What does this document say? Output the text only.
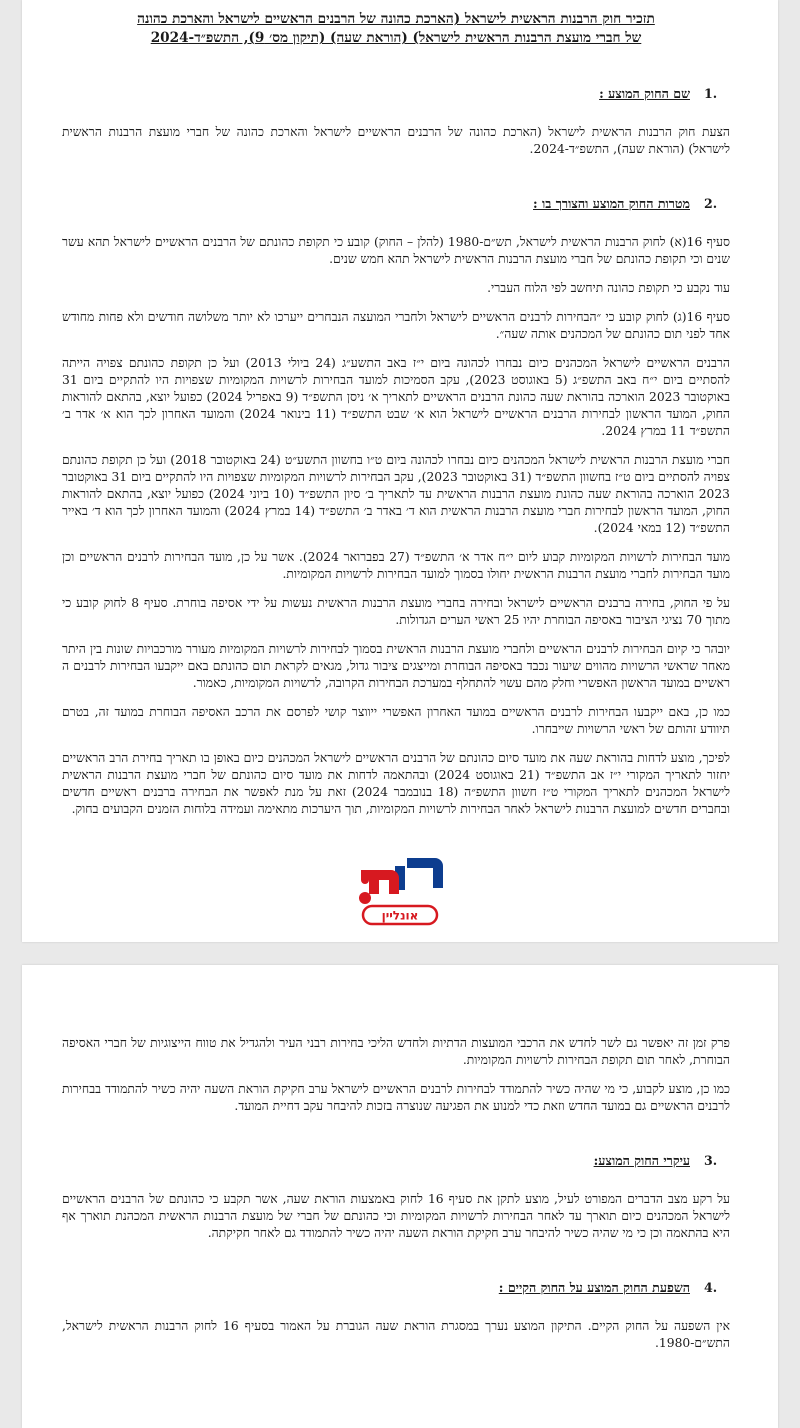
תזכיר חוק הרבנות הראשית לישראל (הארכת כהונה של הרבנים הראשיים לישראל והארכת כהונה
של חברי מועצת הרבנות הראשית לישראל) (הוראת שעה) (תיקון מס׳ 9), התשפ״ד-2024
.1
שם החוק המוצע :

הצעת חוק הרבנות הראשית לישראל (הארכת כהונה של הרבנים הראשיים לישראל והארכת כהונה של חברי מועצת הרבנות הראשית לישראל) (הוראת שעה), התשפ״ד-2024.

.2
מטרות החוק המוצע והצורך בו :

סעיף 16(א) לחוק הרבנות הראשית לישראל, תש״ם-1980 (להלן – החוק) קובע כי תקופת כהונתם של הרבנים הראשיים לישראל תהא עשר שנים וכי תקופת כהונתם של חברי מועצת הרבנות הראשית לישראל תהא חמש שנים.

עוד נקבע כי תקופת כהונה תיחשב לפי הלוח העברי.

סעיף 16(ג) לחוק קובע כי ״הבחירות לרבנים הראשיים לישראל ולחברי המועצה הנבחרים ייערכו לא יותר משלושה חודשים ולא פחות מחודש אחד לפני תום כהונתם של המכהנים אותה שעה״.

הרבנים הראשיים לישראל המכהנים כיום נבחרו לכהונה ביום י״ז באב התשע״ג (24 ביולי 2013) ועל כן תקופת כהונתם צפויה הייתה להסתיים ביום י״ח באב התשפ״ג (5 באוגוסט 2023), עקב הסמיכות למועד הבחירות לרשויות המקומיות שצפויות היו להתקיים ביום 31 באוקטובר 2023 הוארכה בהוראת שעה כהונת הרבנים הראשיים לתאריך א׳ ניסן התשפ״ד (9 באפריל 2024) כפועל יוצא, בהתאם להוראות החוק, המועד הראשון לבחירות הרבנים הראשיים לישראל הוא א׳ שבט התשפ״ד (11 בינואר 2024) והמועד האחרון לכך הוא א׳ אדר ב׳ התשפ״ד 11 במרץ 2024.

חברי מועצת הרבנות הראשית לישראל המכהנים כיום נבחרו לכהונה ביום ט״ו בחשוון התשע״ט (24 באוקטובר 2018) ועל כן תקופת כהונתם צפויה להסתיים ביום ט״ז בחשוון התשפ״ד (31 באוקטובר 2023), עקב הבחירות לרשויות המקומיות שצפויות היו להתקיים ביום 31 באוקטובר 2023 הוארכה בהוראת שעה כהונת מועצת הרבנות הראשית עד לתאריך ב׳ סיון התשפ״ד (10 ביוני 2024) כפועל יוצא, בהתאם להוראות החוק, המועד הראשון לבחירות חברי מועצת הרבנות הראשית הוא ד׳ באדר ב׳ התשפ״ד (14 במרץ 2024) והמועד האחרון לכך הוא ד׳ באייר התשפ״ד (12 במאי 2024).

מועד הבחירות לרשויות המקומיות קבוע ליום י״ח אדר א׳ התשפ״ד (27 בפברואר 2024). אשר על כן, מועד הבחירות לרבנים הראשיים וכן מועד הבחירות לחברי מועצת הרבנות הראשית יחולו בסמוך למועד הבחירות לרשויות המקומיות.

על פי החוק, בחירה ברבנים הראשיים לישראל ובחירה בחברי מועצת הרבנות הראשית נעשות על ידי אסיפה בוחרת. סעיף 8 לחוק קובע כי מתוך 70 נציגי הציבור באסיפה הבוחרת יהיו 25 ראשי הערים הגדולות.

יובהר כי קיום הבחירות לרבנים הראשיים ולחברי מועצת הרבנות הראשית בסמוך לבחירות לרשויות המקומיות מעורר מורכבויות שונות בין היתר מאחר שראשי הרשויות מהווים שיעור נכבד באסיפה הבוחרת ומייצגים ציבור גדול, מגאים לקראת תום כהונתם באם ייקבעו הבחירות לרבנים ה ראשיים במועד הראשון האפשרי וחלק מהם עשוי להתחלף במערכת הבחירות הקרובה, לרשויות המקומיות, כאמור.

כמו כן, באם ייקבעו הבחירות לרבנים הראשיים במועד האחרון האפשרי ייווצר קושי לפרסם את הרכב האסיפה הבוחרת במועד זה, בטרם תיוודע זהותם של ראשי הרשויות שייבחרו.

לפיכך, מוצע לדחות בהוראת שעה את מועד סיום כהונתם של הרבנים הראשיים לישראל המכהנים כיום באופן בו תאריך בחירת הרב הראשיים יחזור לתאריך המקורי י״ז אב התשפ״ד (21 באוגוסט 2024) ובהתאמה לדחות את מועד סיום כהונתם של חברי מועצת הרבנות הראשית לישראל המכהנים לתאריך המקורי ט״ז חשוון התשפ״ה (18 בנובמבר 2024) זאת על מנת לאפשר את הבחירה ברבנים ראשיים חדשים ובחברים חדשים למועצת הרבנות לישראל לאחר הבחירות לרשויות המקומיות, תוך היערכות מתאימה ועמידה בלוחות הזמנים הקבועים בחוק.

אונליין

פרק זמן זה יאפשר גם לשר לחדש את הרכבי המועצות הדתיות ולחדש הליכי בחירות רבני העיר ולהגדיל את טווח הייצוגיות של חברי האסיפה הבוחרת, לאחר תום תקופת הבחירות לרשויות המקומיות.

כמו כן, מוצע לקבוע, כי מי שהיה כשיר להתמודד לבחירות לרבנים הראשיים לישראל ערב חקיקת הוראת השעה יהיה כשיר להתמודד בבחירות לרבנים הראשיים גם במועד החדש וזאת כדי למנוע את הפגיעה שנוצרה בזכות להיבחר עקב דחיית המועד.

.3
עיקרי החוק המוצע:

על רקע מצב הדברים המפורט לעיל, מוצע לתקן את סעיף 16 לחוק באמצעות הוראת שעה, אשר תקבע כי כהונתם של הרבנים הראשיים לישראל המכהנים כיום תוארך עד לאחר הבחירות לרשויות המקומיות וכי כהונתם של חברי של מועצת הרבנות הראשית המכהנת תוארך אף היא בהתאמה וכן כי מי שהיה כשיר להיבחר ערב חקיקת הוראת השעה יהיה כשיר להתמודד גם לאחר חקיקתה.

.4
השפעת החוק המוצע על החוק הקיים :

אין השפעה על החוק הקיים. התיקון המוצע נערך במסגרת הוראת שעה הגוברת על האמור בסעיף 16 לחוק הרבנות הראשית לישראל, התש״ם-1980.
